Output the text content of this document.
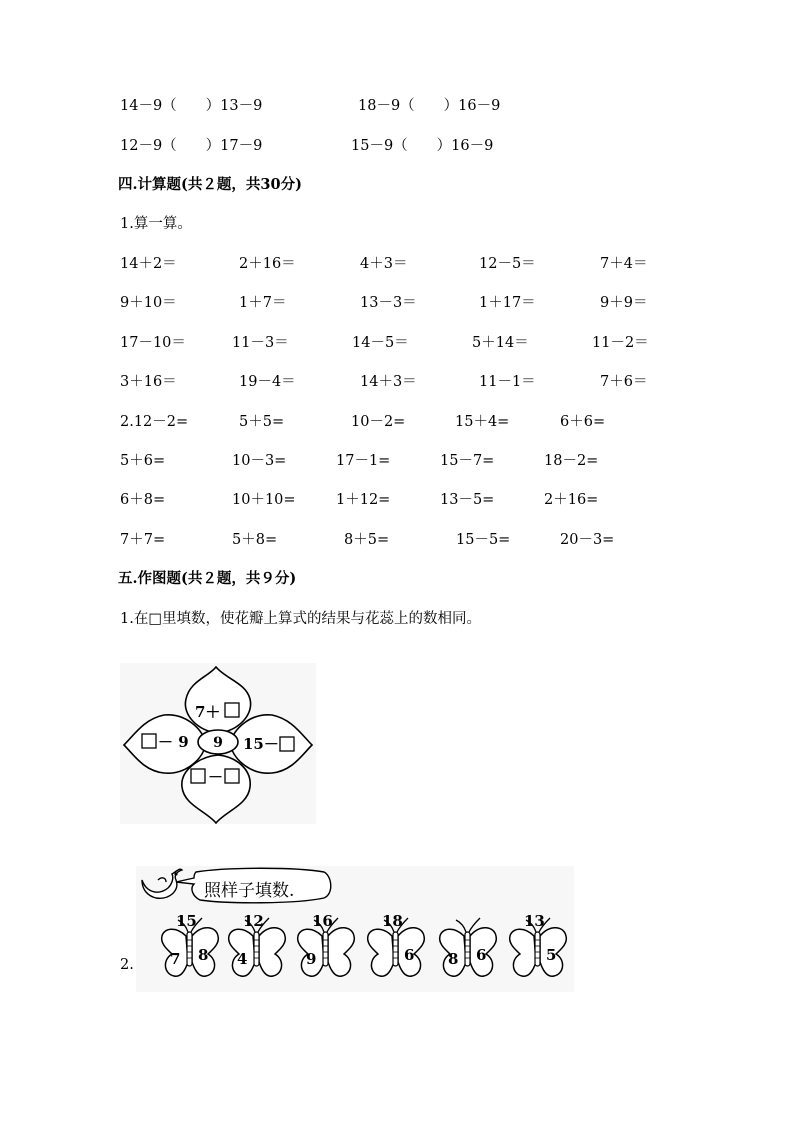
14－9（　　）13－9	18－9（　　）16－9
12－9（　　）17－9	15－9（　　）16－9
四.计算题(共２题，共30分)
1.算一算。
14＋2＝	2＋16＝	4＋3＝	12－5＝	7＋4＝
9＋10＝	1＋7＝	13－3＝	1＋17＝	9＋9＝
17－10＝	11－3＝	14－5＝	5＋14＝	11－2＝
3＋16＝	19－4＝	14＋3＝	11－1＝	7＋6＝
2.12－2=	5＋5=	10－2=	15＋4=	6＋6=
5＋6=	10－3=	17－1=	15－7=	18－2=
6＋8=	10＋10=	1＋12=	13－5=	2＋16=
7＋7=	5＋8=	8＋5=	15－5=	20－3=
五.作图题(共２题，共９分)
1.在□里填数，使花瓣上算式的结果与花蕊上的数相同。
9
7＋
－ 9	15－
－
2.
照样子填数.
15
7 8
12
4
16
9
18
6 8 6
13
5
